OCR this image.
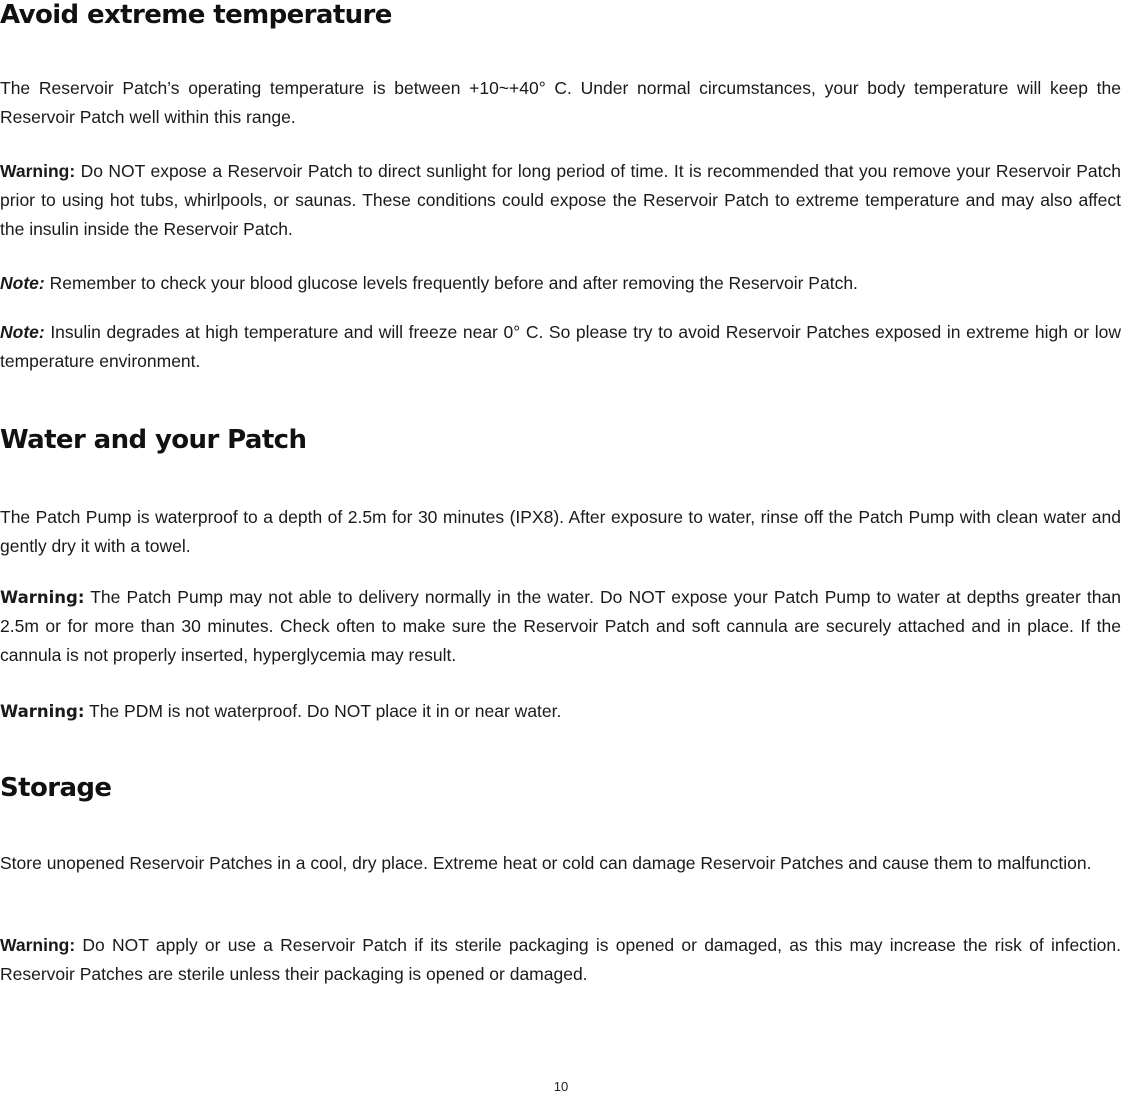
Avoid extreme temperature

The Reservoir Patch’s operating temperature is between +10~+40° C. Under normal circumstances, your body temperature will keep the Reservoir Patch well within this range.

Warning: Do NOT expose a Reservoir Patch to direct sunlight for long period of time. It is recommended that you remove your Reservoir Patch prior to using hot tubs, whirlpools, or saunas. These conditions could expose the Reservoir Patch to extreme temperature and may also affect the insulin inside the Reservoir Patch.

Note: Remember to check your blood glucose levels frequently before and after removing the Reservoir Patch.

Note: Insulin degrades at high temperature and will freeze near 0° C. So please try to avoid Reservoir Patches exposed in extreme high or low temperature environment.

Water and your Patch

The Patch Pump is waterproof to a depth of 2.5m for 30 minutes (IPX8). After exposure to water, rinse off the Patch Pump with clean water and gently dry it with a towel.

Warning: The Patch Pump may not able to delivery normally in the water. Do NOT expose your Patch Pump to water at depths greater than 2.5m or for more than 30 minutes. Check often to make sure the Reservoir Patch and soft cannula are securely attached and in place. If the cannula is not properly inserted, hyperglycemia may result.

Warning: The PDM is not waterproof. Do NOT place it in or near water.

Storage

Store unopened Reservoir Patches in a cool, dry place. Extreme heat or cold can damage Reservoir Patches and cause them to malfunction.

Warning: Do NOT apply or use a Reservoir Patch if its sterile packaging is opened or damaged, as this may increase the risk of infection. Reservoir Patches are sterile unless their packaging is opened or damaged.

10
